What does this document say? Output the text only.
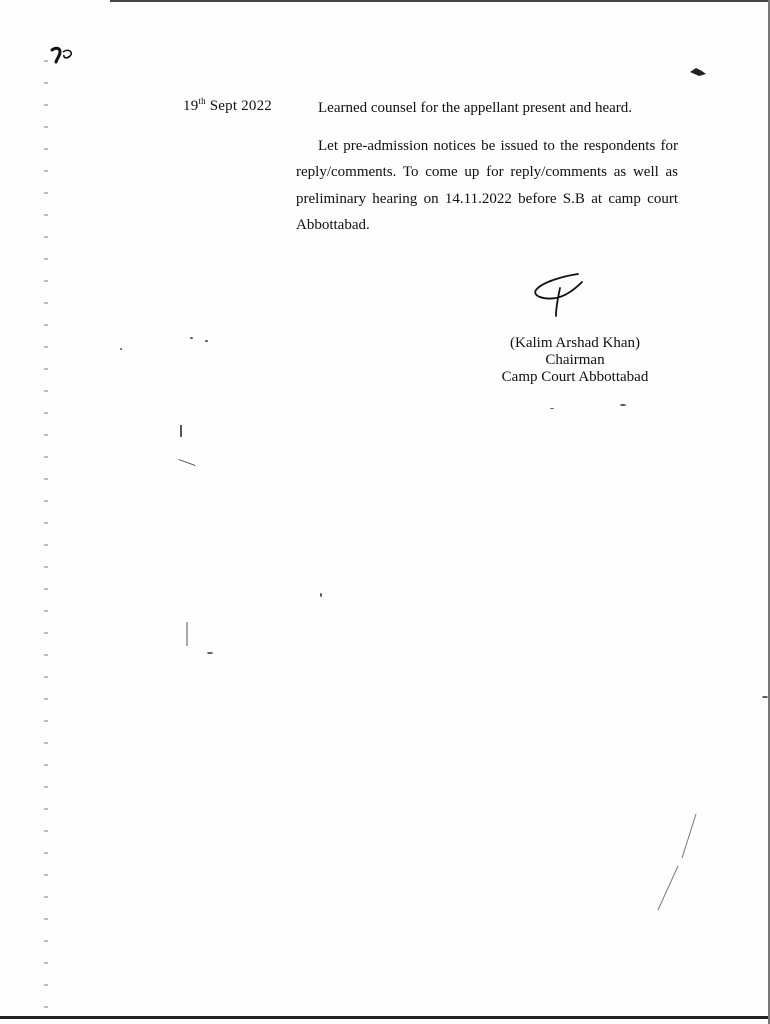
19th Sept 2022	Learned counsel for the appellant present and heard.

Let pre-admission notices be issued to the respondents for reply/comments. To come up for reply/comments as well as preliminary hearing on 14.11.2022 before S.B at camp court Abbottabad.

(Kalim Arshad Khan)
Chairman
Camp Court Abbottabad
